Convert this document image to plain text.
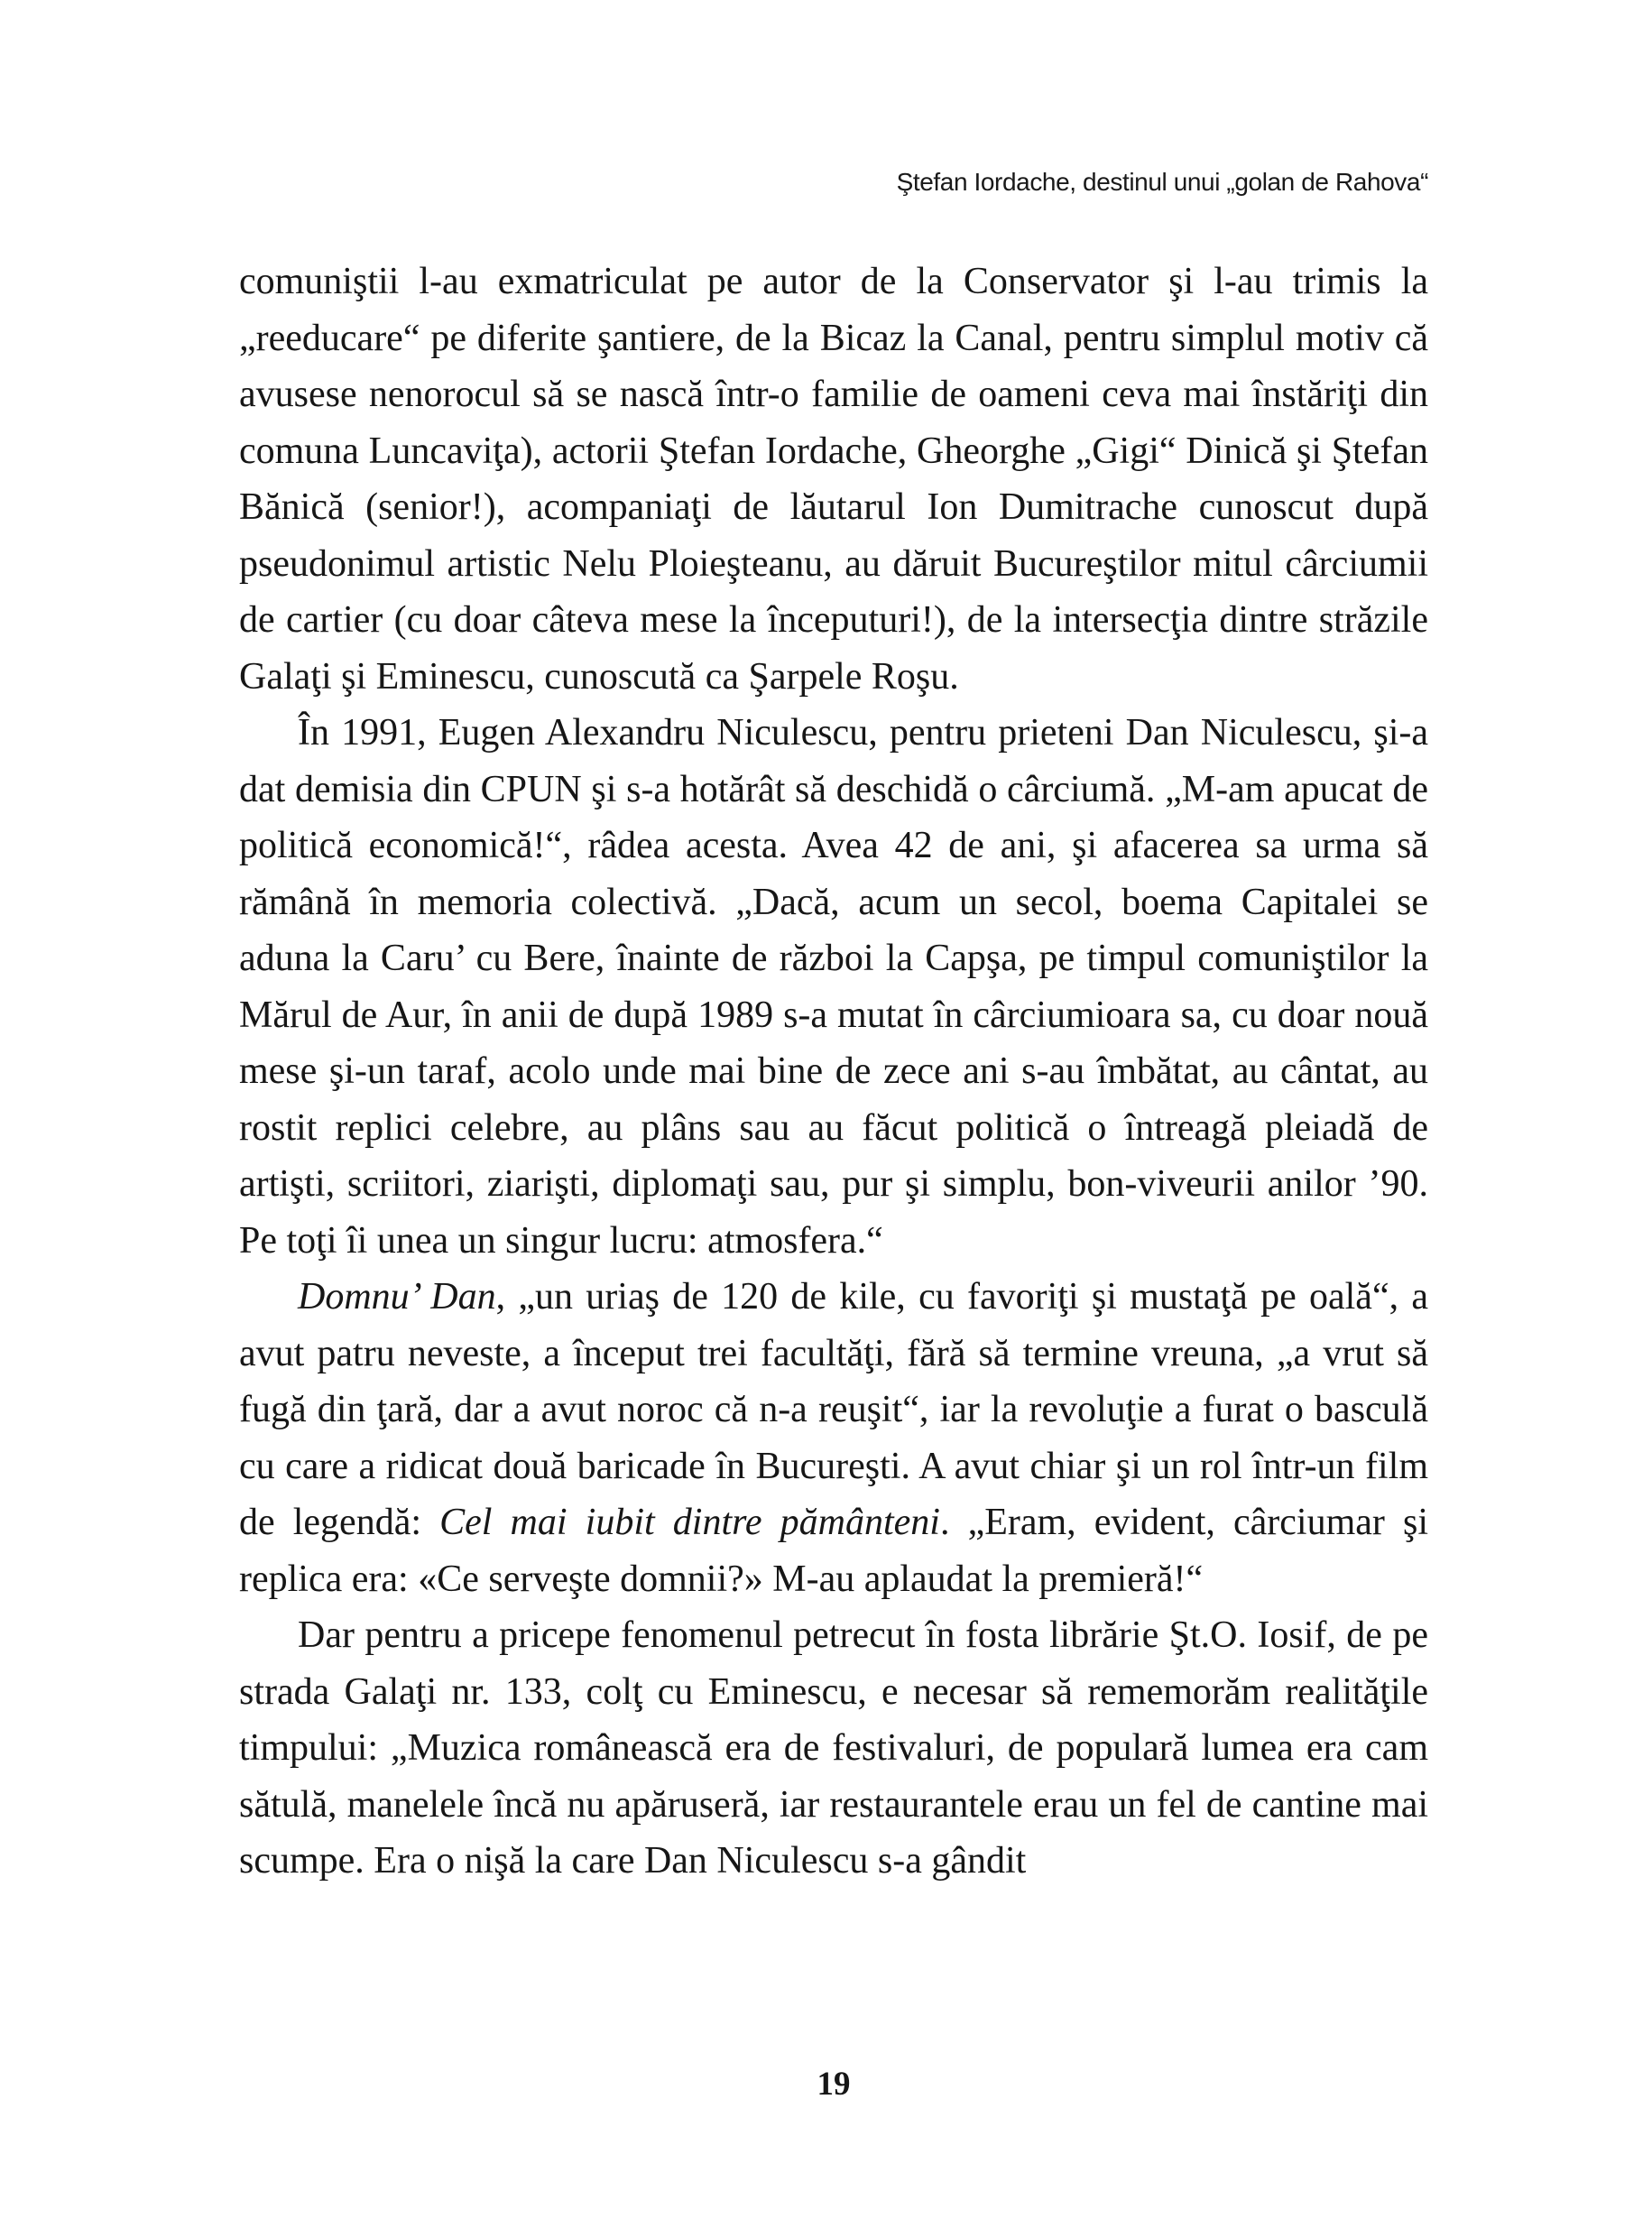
Ştefan Iordache, destinul unui „golan de Rahova“

comuniştii l-au exmatriculat pe autor de la Conservator şi l-au trimis la „reeducare“ pe diferite şantiere, de la Bicaz la Canal, pentru simplul motiv că avusese nenorocul să se nască într-o familie de oameni ceva mai înstăriţi din comuna Luncaviţa), actorii Ştefan Iordache, Gheorghe „Gigi“ Dinică şi Ştefan Bănică (senior!), acompaniaţi de lăutarul Ion Dumitrache cunoscut după pseudonimul artistic Nelu Ploieşteanu, au dăruit Bucureştilor mitul cârciumii de cartier (cu doar câteva mese la începuturi!), de la intersecţia dintre străzile Galaţi şi Eminescu, cunoscută ca Şarpele Roşu.

În 1991, Eugen Alexandru Niculescu, pentru prieteni Dan Niculescu, şi-a dat demisia din CPUN şi s-a hotărât să deschidă o cârciumă. „M-am apucat de politică economică!“, râdea acesta. Avea 42 de ani, şi afacerea sa urma să rămână în memoria colectivă. „Dacă, acum un secol, boema Capitalei se aduna la Caru’ cu Bere, înainte de război la Capşa, pe timpul comuniştilor la Mărul de Aur, în anii de după 1989 s-a mutat în cârciumioara sa, cu doar nouă mese şi-un taraf, acolo unde mai bine de zece ani s-au îmbătat, au cântat, au rostit replici celebre, au plâns sau au făcut politică o întreagă pleiadă de artişti, scriitori, ziarişti, diplomaţi sau, pur şi simplu, bon-viveurii anilor ’90. Pe toţi îi unea un singur lucru: atmosfera.“

Domnu’ Dan, „un uriaş de 120 de kile, cu favoriţi şi mustaţă pe oală“, a avut patru neveste, a început trei facultăţi, fără să termine vreuna, „a vrut să fugă din ţară, dar a avut noroc că n-a reuşit“, iar la revoluţie a furat o basculă cu care a ridicat două baricade în Bucureşti. A avut chiar şi un rol într-un film de legendă: Cel mai iubit dintre pământeni. „Eram, evident, cârciumar şi replica era: «Ce serveşte domnii?» M-au aplaudat la premieră!“

Dar pentru a pricepe fenomenul petrecut în fosta librărie Şt.O. Iosif, de pe strada Galaţi nr. 133, colţ cu Eminescu, e necesar să rememorăm realităţile timpului: „Muzica românească era de festivaluri, de populară lumea era cam sătulă, manelele încă nu apăruseră, iar restaurantele erau un fel de cantine mai scumpe. Era o nişă la care Dan Niculescu s-a gândit

19
